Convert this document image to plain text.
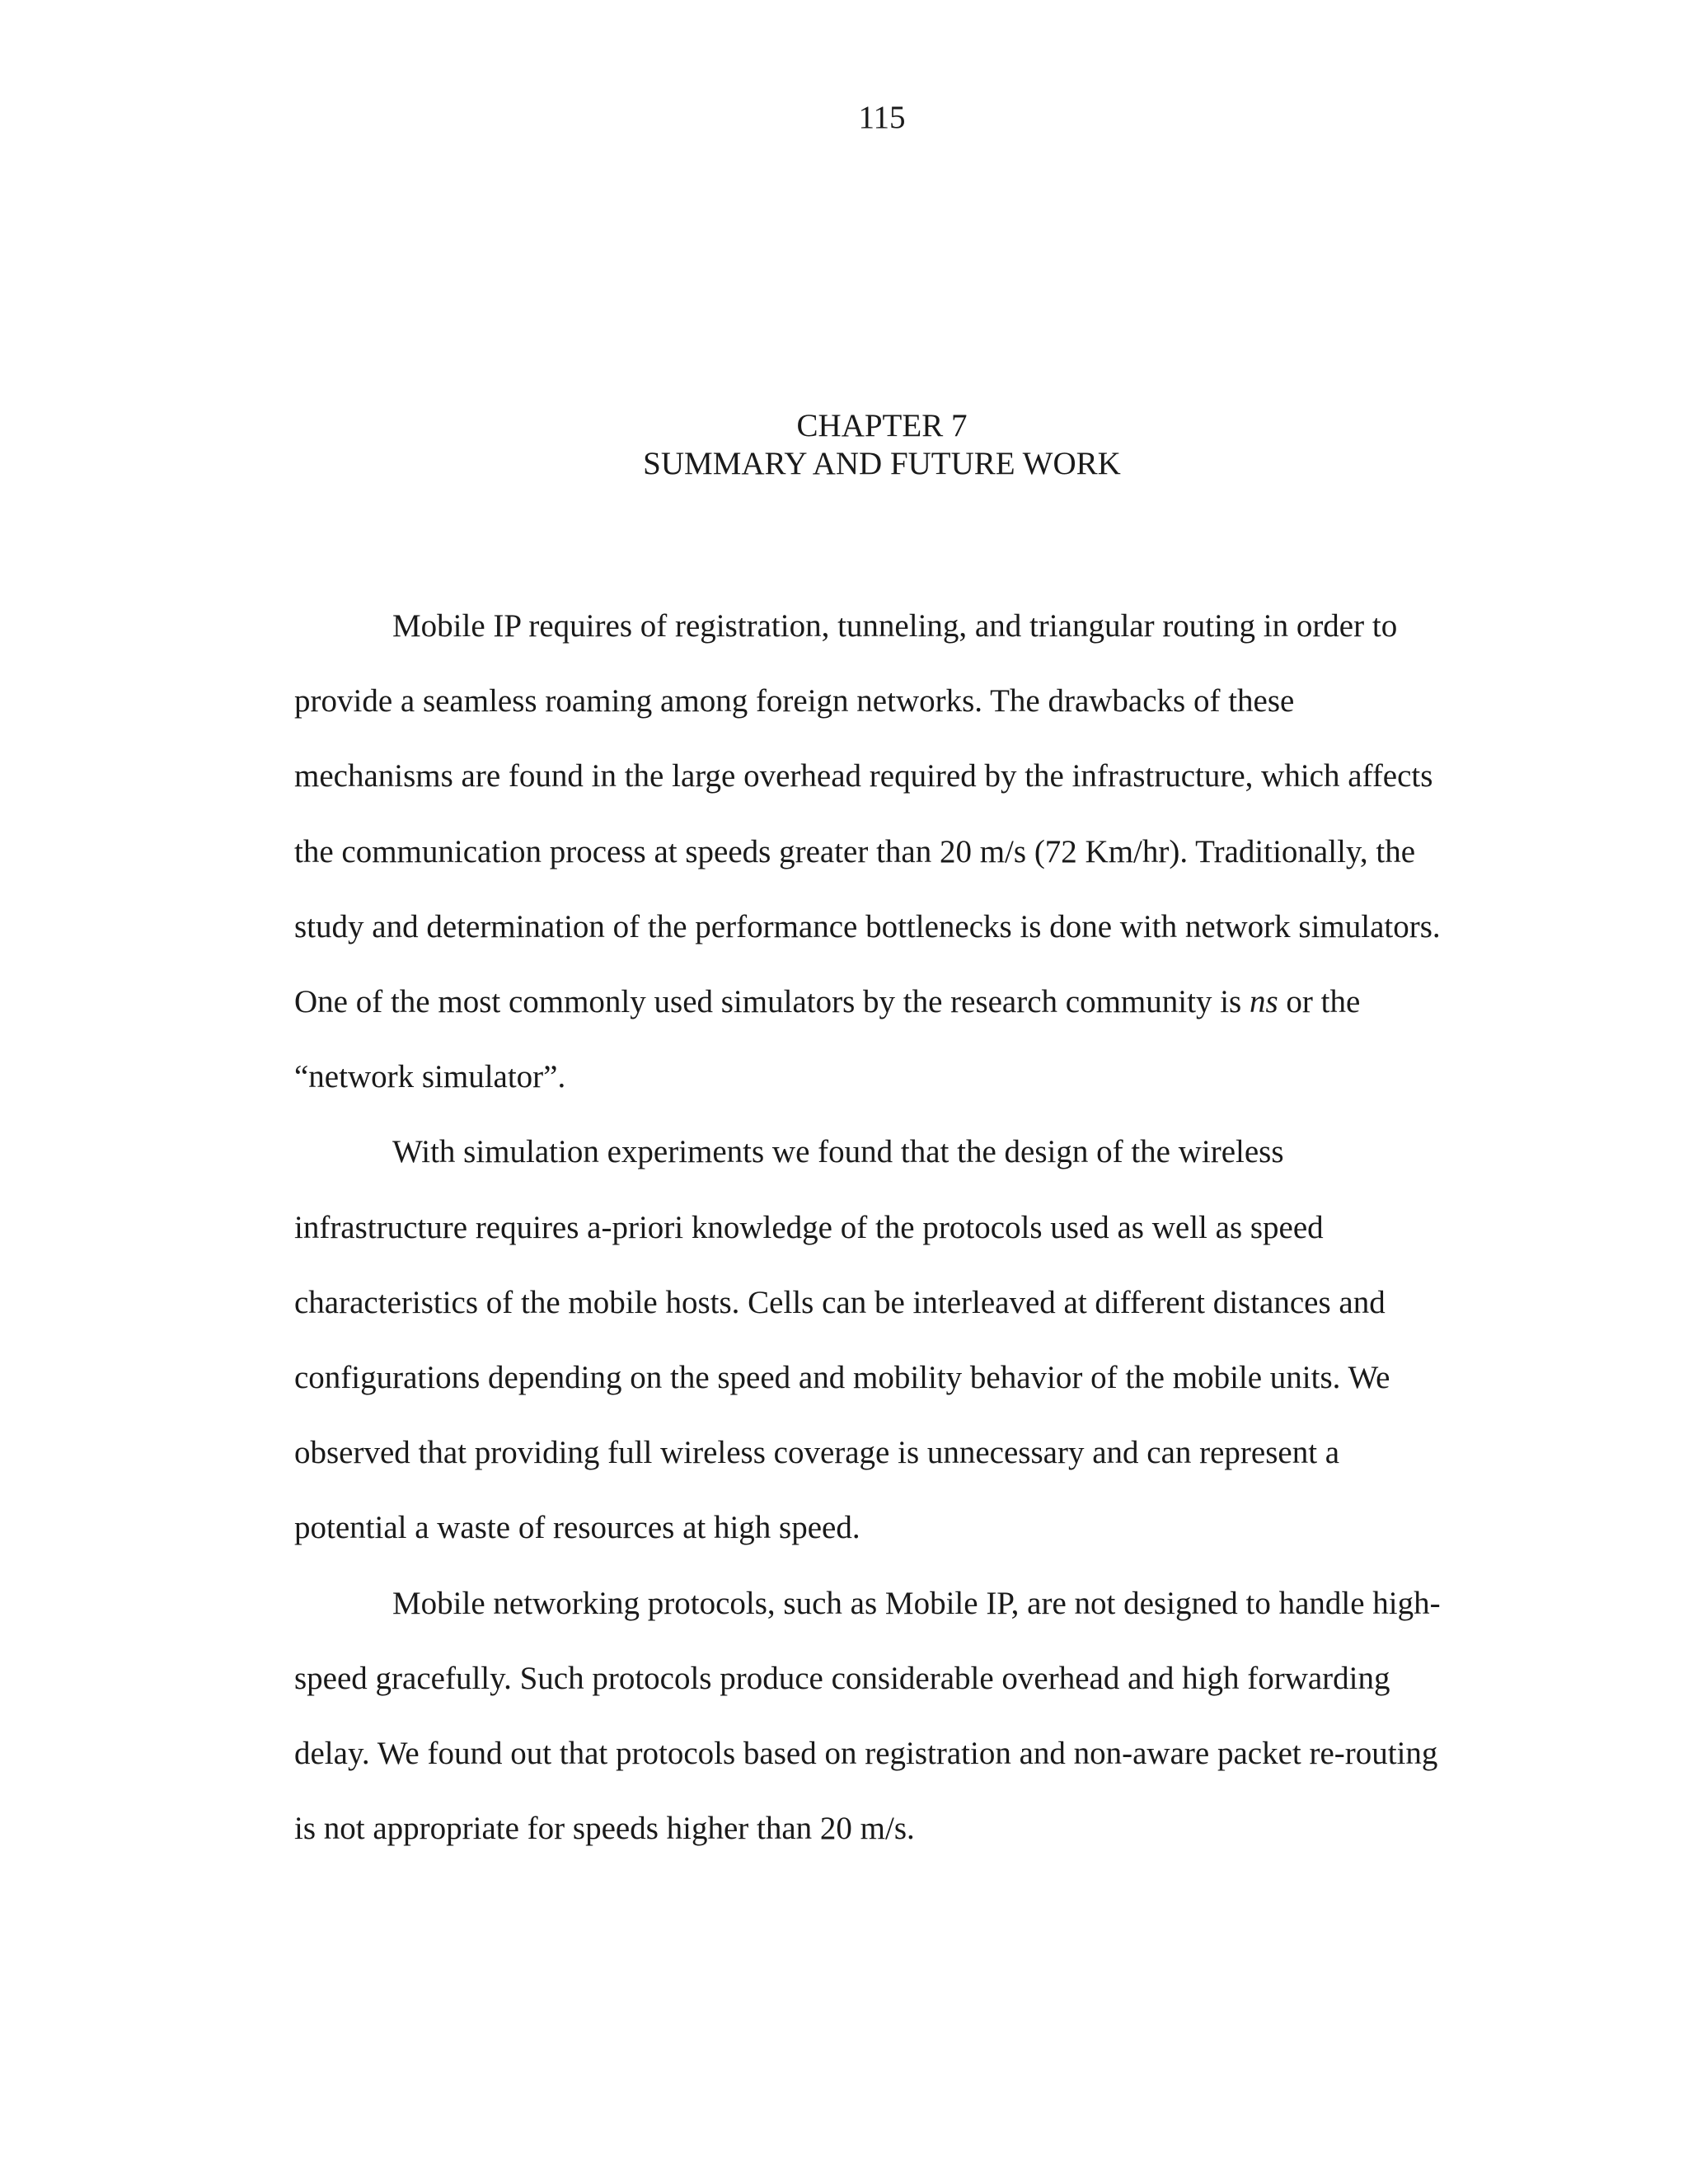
115
CHAPTER 7
SUMMARY AND FUTURE WORK
Mobile IP requires of registration, tunneling, and triangular routing in order to
provide a seamless roaming among foreign networks. The drawbacks of these
mechanisms are found in the large overhead required by the infrastructure, which affects
the communication process at speeds greater than 20 m/s (72 Km/hr). Traditionally, the
study and determination of the performance bottlenecks is done with network simulators.
One of the most commonly used simulators by the research community is ns or the
“network simulator”.
With simulation experiments we found that the design of the wireless
infrastructure requires a-priori knowledge of the protocols used as well as speed
characteristics of the mobile hosts. Cells can be interleaved at different distances and
configurations depending on the speed and mobility behavior of the mobile units. We
observed that providing full wireless coverage is unnecessary and can represent a
potential a waste of resources at high speed.
Mobile networking protocols, such as Mobile IP, are not designed to handle high-
speed gracefully. Such protocols produce considerable overhead and high forwarding
delay. We found out that protocols based on registration and non-aware packet re-routing
is not appropriate for speeds higher than 20 m/s.
